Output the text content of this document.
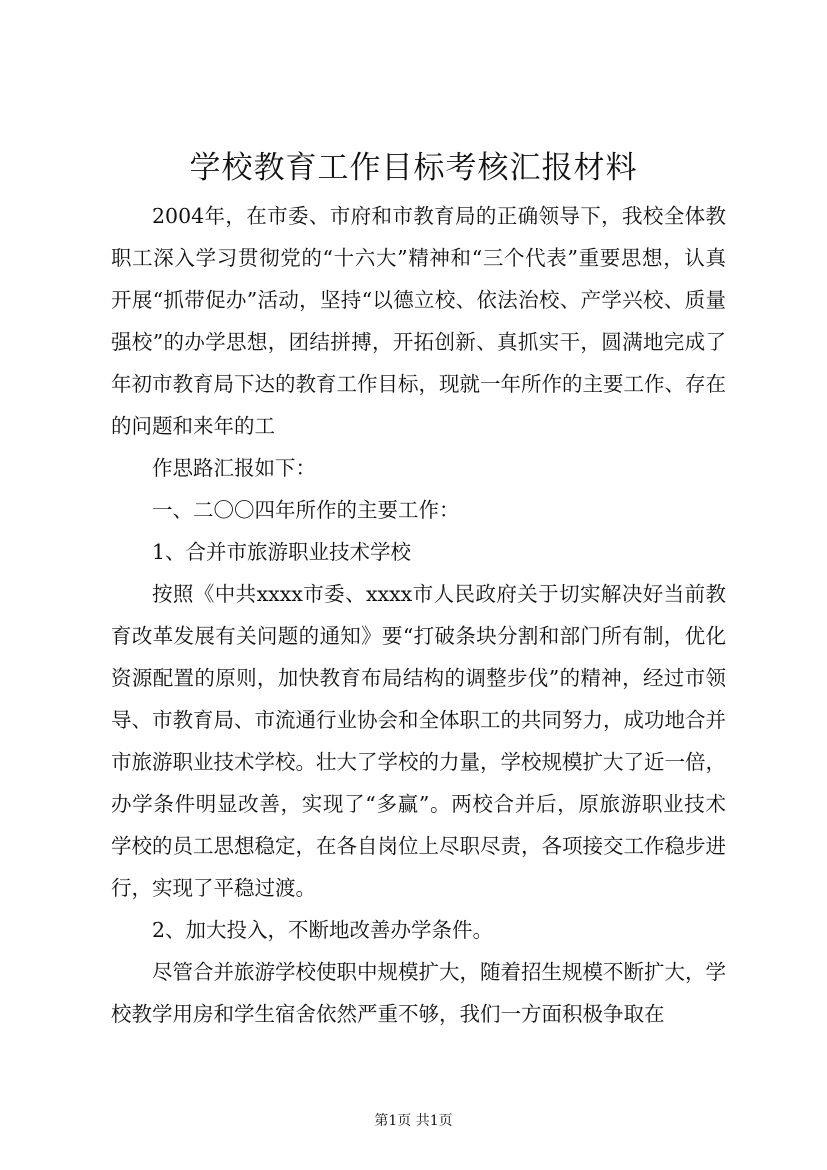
学校教育工作目标考核汇报材料

2004年，在市委、市府和市教育局的正确领导下，我校全体教职工深入学习贯彻党的“十六大”精神和“三个代表”重要思想，认真开展“抓带促办”活动，坚持“以德立校、依法治校、产学兴校、质量强校”的办学思想，团结拼搏，开拓创新、真抓实干，圆满地完成了年初市教育局下达的教育工作目标，现就一年所作的主要工作、存在的问题和来年的工

作思路汇报如下：

一、二〇〇四年所作的主要工作：

1、合并市旅游职业技术学校

按照《中共xxxx市委、xxxx市人民政府关于切实解决好当前教育改革发展有关问题的通知》要“打破条块分割和部门所有制，优化资源配置的原则，加快教育布局结构的调整步伐”的精神，经过市领导、市教育局、市流通行业协会和全体职工的共同努力，成功地合并市旅游职业技术学校。壮大了学校的力量，学校规模扩大了近一倍，办学条件明显改善，实现了“多赢”。两校合并后，原旅游职业技术学校的员工思想稳定，在各自岗位上尽职尽责，各项接交工作稳步进行，实现了平稳过渡。

2、加大投入，不断地改善办学条件。

尽管合并旅游学校使职中规模扩大，随着招生规模不断扩大，学校教学用房和学生宿舍依然严重不够，我们一方面积极争取在

第1页 共1页
